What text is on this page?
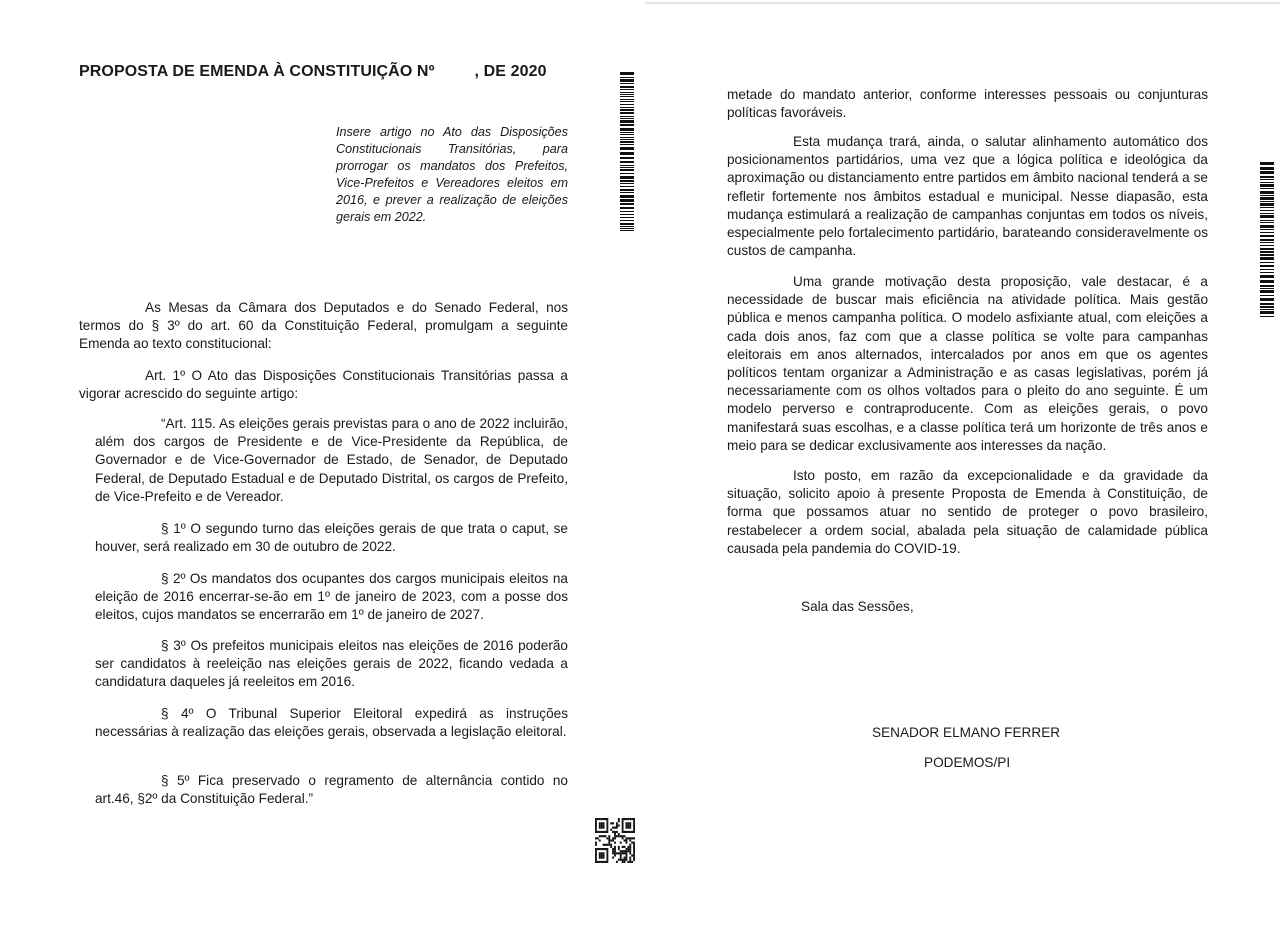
PROPOSTA DE EMENDA À CONSTITUIÇÃO Nº	, DE 2020
Insere artigo no Ato das Disposições Constitucionais Transitórias, para prorrogar os mandatos dos Prefeitos, Vice-Prefeitos e Vereadores eleitos em 2016, e prever a realização de eleições gerais em 2022.
As Mesas da Câmara dos Deputados e do Senado Federal, nos termos do § 3º do art. 60 da Constituição Federal, promulgam a seguinte Emenda ao texto constitucional:
Art. 1º O Ato das Disposições Constitucionais Transitórias passa a vigorar acrescido do seguinte artigo:
“Art. 115. As eleições gerais previstas para o ano de 2022 incluirão, além dos cargos de Presidente e de Vice-Presidente da República, de Governador e de Vice-Governador de Estado, de Senador, de Deputado Federal, de Deputado Estadual e de Deputado Distrital, os cargos de Prefeito, de Vice-Prefeito e de Vereador.
§ 1º O segundo turno das eleições gerais de que trata o caput, se houver, será realizado em 30 de outubro de 2022.
§ 2º Os mandatos dos ocupantes dos cargos municipais eleitos na eleição de 2016 encerrar-se-ão em 1º de janeiro de 2023, com a posse dos eleitos, cujos mandatos se encerrarão em 1º de janeiro de 2027.
§ 3º Os prefeitos municipais eleitos nas eleições de 2016 poderão ser candidatos à reeleição nas eleições gerais de 2022, ficando vedada a candidatura daqueles já reeleitos em 2016.
§ 4º O Tribunal Superior Eleitoral expedirá as instruções necessárias à realização das eleições gerais, observada a legislação eleitoral.
§ 5º Fica preservado o regramento de alternância contido no art.46, §2º da Constituição Federal.”
metade do mandato anterior, conforme interesses pessoais ou conjunturas políticas favoráveis.
Esta mudança trará, ainda, o salutar alinhamento automático dos posicionamentos partidários, uma vez que a lógica política e ideológica da aproximação ou distanciamento entre partidos em âmbito nacional tenderá a se refletir fortemente nos âmbitos estadual e municipal. Nesse diapasão, esta mudança estimulará a realização de campanhas conjuntas em todos os níveis, especialmente pelo fortalecimento partidário, barateando consideravelmente os custos de campanha.
Uma grande motivação desta proposição, vale destacar, é a necessidade de buscar mais eficiência na atividade política. Mais gestão pública e menos campanha política. O modelo asfixiante atual, com eleições a cada dois anos, faz com que a classe política se volte para campanhas eleitorais em anos alternados, intercalados por anos em que os agentes políticos tentam organizar a Administração e as casas legislativas, porém já necessariamente com os olhos voltados para o pleito do ano seguinte. É um modelo perverso e contraproducente. Com as eleições gerais, o povo manifestará suas escolhas, e a classe política terá um horizonte de três anos e meio para se dedicar exclusivamente aos interesses da nação.
Isto posto, em razão da excepcionalidade e da gravidade da situação, solicito apoio à presente Proposta de Emenda à Constituição, de forma que possamos atuar no sentido de proteger o povo brasileiro, restabelecer a ordem social, abalada pela situação de calamidade pública causada pela pandemia do COVID-19.
Sala das Sessões,
SENADOR ELMANO FERRER
PODEMOS/PI
